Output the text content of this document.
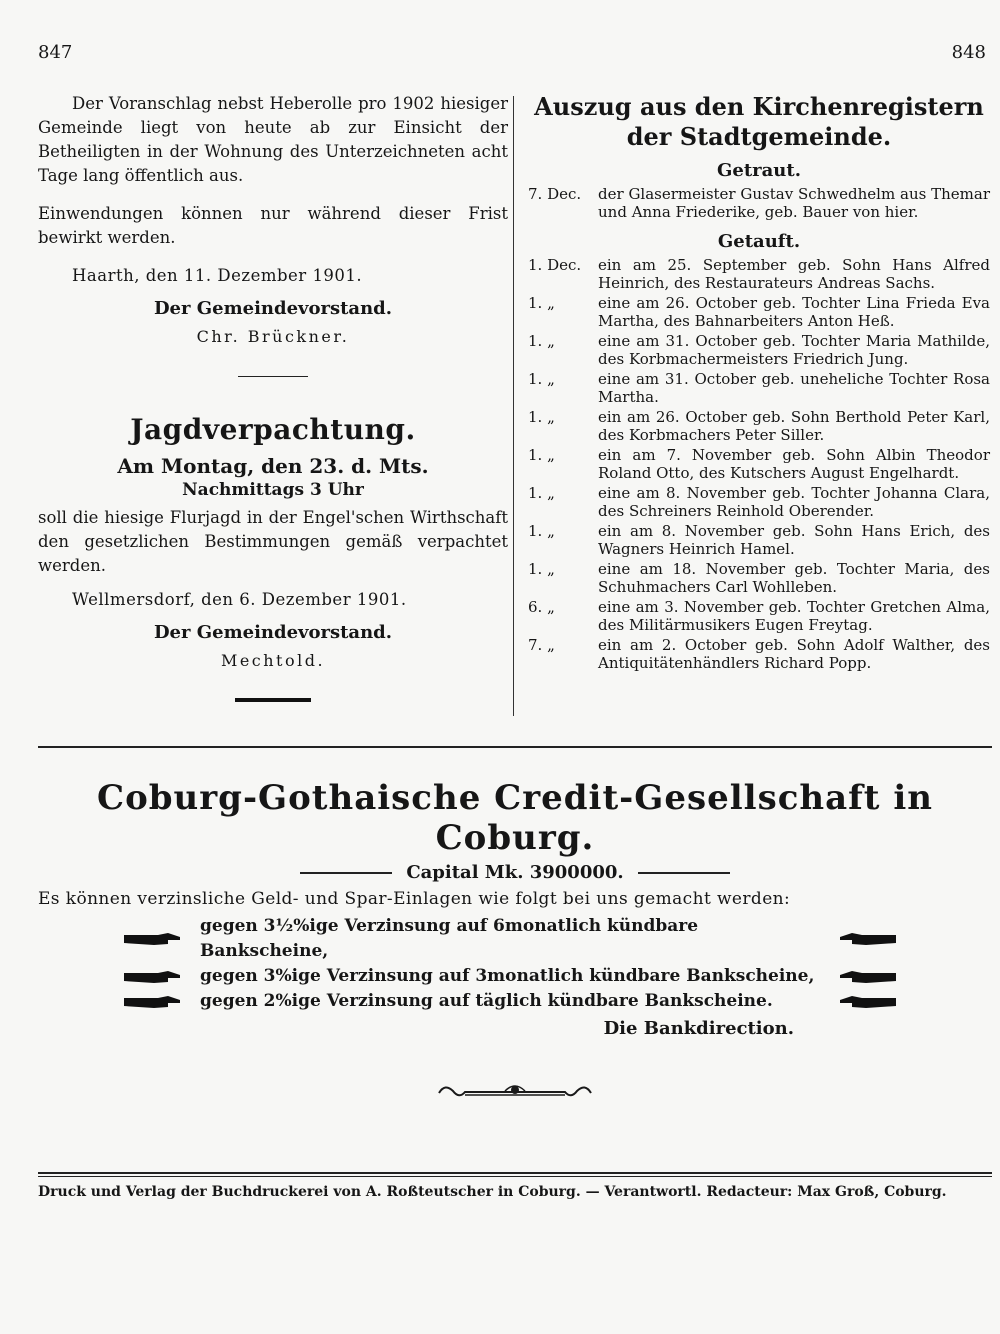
847	848

Der Voranschlag nebst Heberolle pro 1902 hiesiger Gemeinde liegt von heute ab zur Einsicht der Betheiligten in der Wohnung des Unterzeichneten acht Tage lang öffentlich aus.

Einwendungen können nur während dieser Frist bewirkt werden.

Haarth, den 11. Dezember 1901.

Der Gemeindevorstand.

Chr. Brückner.

Jagdverpachtung.

Am Montag, den 23. d. Mts.

Nachmittags 3 Uhr

soll die hiesige Flurjagd in der Engel'schen Wirthschaft den gesetzlichen Bestimmungen gemäß verpachtet werden.

Wellmersdorf, den 6. Dezember 1901.

Der Gemeindevorstand.

Mechtold.

Auszug aus den Kirchenregistern

der Stadtgemeinde.

Getraut.

7. Dec.	der Glasermeister Gustav Schwedhelm aus Themar und Anna Friederike, geb. Bauer von hier.

Getauft.

1. Dec.	ein am 25. September geb. Sohn Hans Alfred Heinrich, des Restaurateurs Andreas Sachs.
1. „	eine am 26. October geb. Tochter Lina Frieda Eva Martha, des Bahnarbeiters Anton Heß.
1. „	eine am 31. October geb. Tochter Maria Mathilde, des Korbmachermeisters Friedrich Jung.
1. „	eine am 31. October geb. uneheliche Tochter Rosa Martha.
1. „	ein am 26. October geb. Sohn Berthold Peter Karl, des Korbmachers Peter Siller.
1. „	ein am 7. November geb. Sohn Albin Theodor Roland Otto, des Kutschers August Engelhardt.
1. „	eine am 8. November geb. Tochter Johanna Clara, des Schreiners Reinhold Oberender.
1. „	ein am 8. November geb. Sohn Hans Erich, des Wagners Heinrich Hamel.
1. „	eine am 18. November geb. Tochter Maria, des Schuhmachers Carl Wohlleben.
6. „	eine am 3. November geb. Tochter Gretchen Alma, des Militärmusikers Eugen Freytag.
7. „	ein am 2. October geb. Sohn Adolf Walther, des Antiquitätenhändlers Richard Popp.

Coburg-Gothaische Credit-Gesellschaft in Coburg.

Capital Mk. 3900000.

Es können verzinsliche Geld- und Spar-Einlagen wie folgt bei uns gemacht werden:

gegen 3½%ige Verzinsung auf 6monatlich kündbare Bankscheine,
gegen 3%ige Verzinsung auf 3monatlich kündbare Bankscheine,
gegen 2%ige Verzinsung auf täglich kündbare Bankscheine.

Die Bankdirection.

Druck und Verlag der Buchdruckerei von A. Roßteutscher in Coburg. — Verantwortl. Redacteur: Max Groß, Coburg.
